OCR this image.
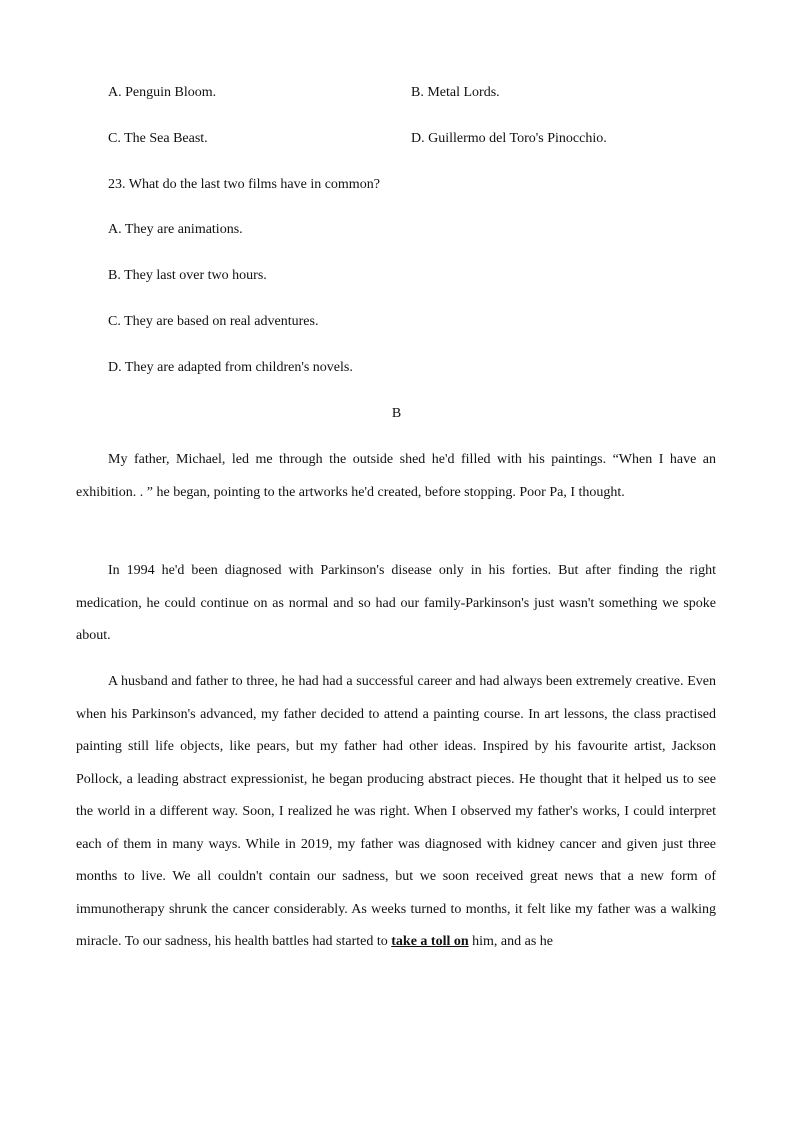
A. Penguin Bloom.	B. Metal Lords.
C. The Sea Beast.	D. Guillermo del Toro's Pinocchio.
23. What do the last two films have in common?
A. They are animations.
B. They last over two hours.
C. They are based on real adventures.
D. They are adapted from children's novels.
B

My father, Michael, led me through the outside shed he'd filled with his paintings. “When I have an exhibition. . ” he began, pointing to the artworks he'd created, before stopping. Poor Pa, I thought.

In 1994 he'd been diagnosed with Parkinson's disease only in his forties. But after finding the right medication, he could continue on as normal and so had our family-Parkinson's just wasn't something we spoke about.

A husband and father to three, he had had a successful career and had always been extremely creative. Even when his Parkinson's advanced, my father decided to attend a painting course. In art lessons, the class practised painting still life objects, like pears, but my father had other ideas. Inspired by his favourite artist, Jackson Pollock, a leading abstract expressionist, he began producing abstract pieces. He thought that it helped us to see the world in a different way. Soon, I realized he was right. When I observed my father's works, I could interpret each of them in many ways. While in 2019, my father was diagnosed with kidney cancer and given just three months to live. We all couldn't contain our sadness, but we soon received great news that a new form of immunotherapy shrunk the cancer considerably. As weeks turned to months, it felt like my father was a walking miracle. To our sadness, his health battles had started to take a toll on him, and as he
